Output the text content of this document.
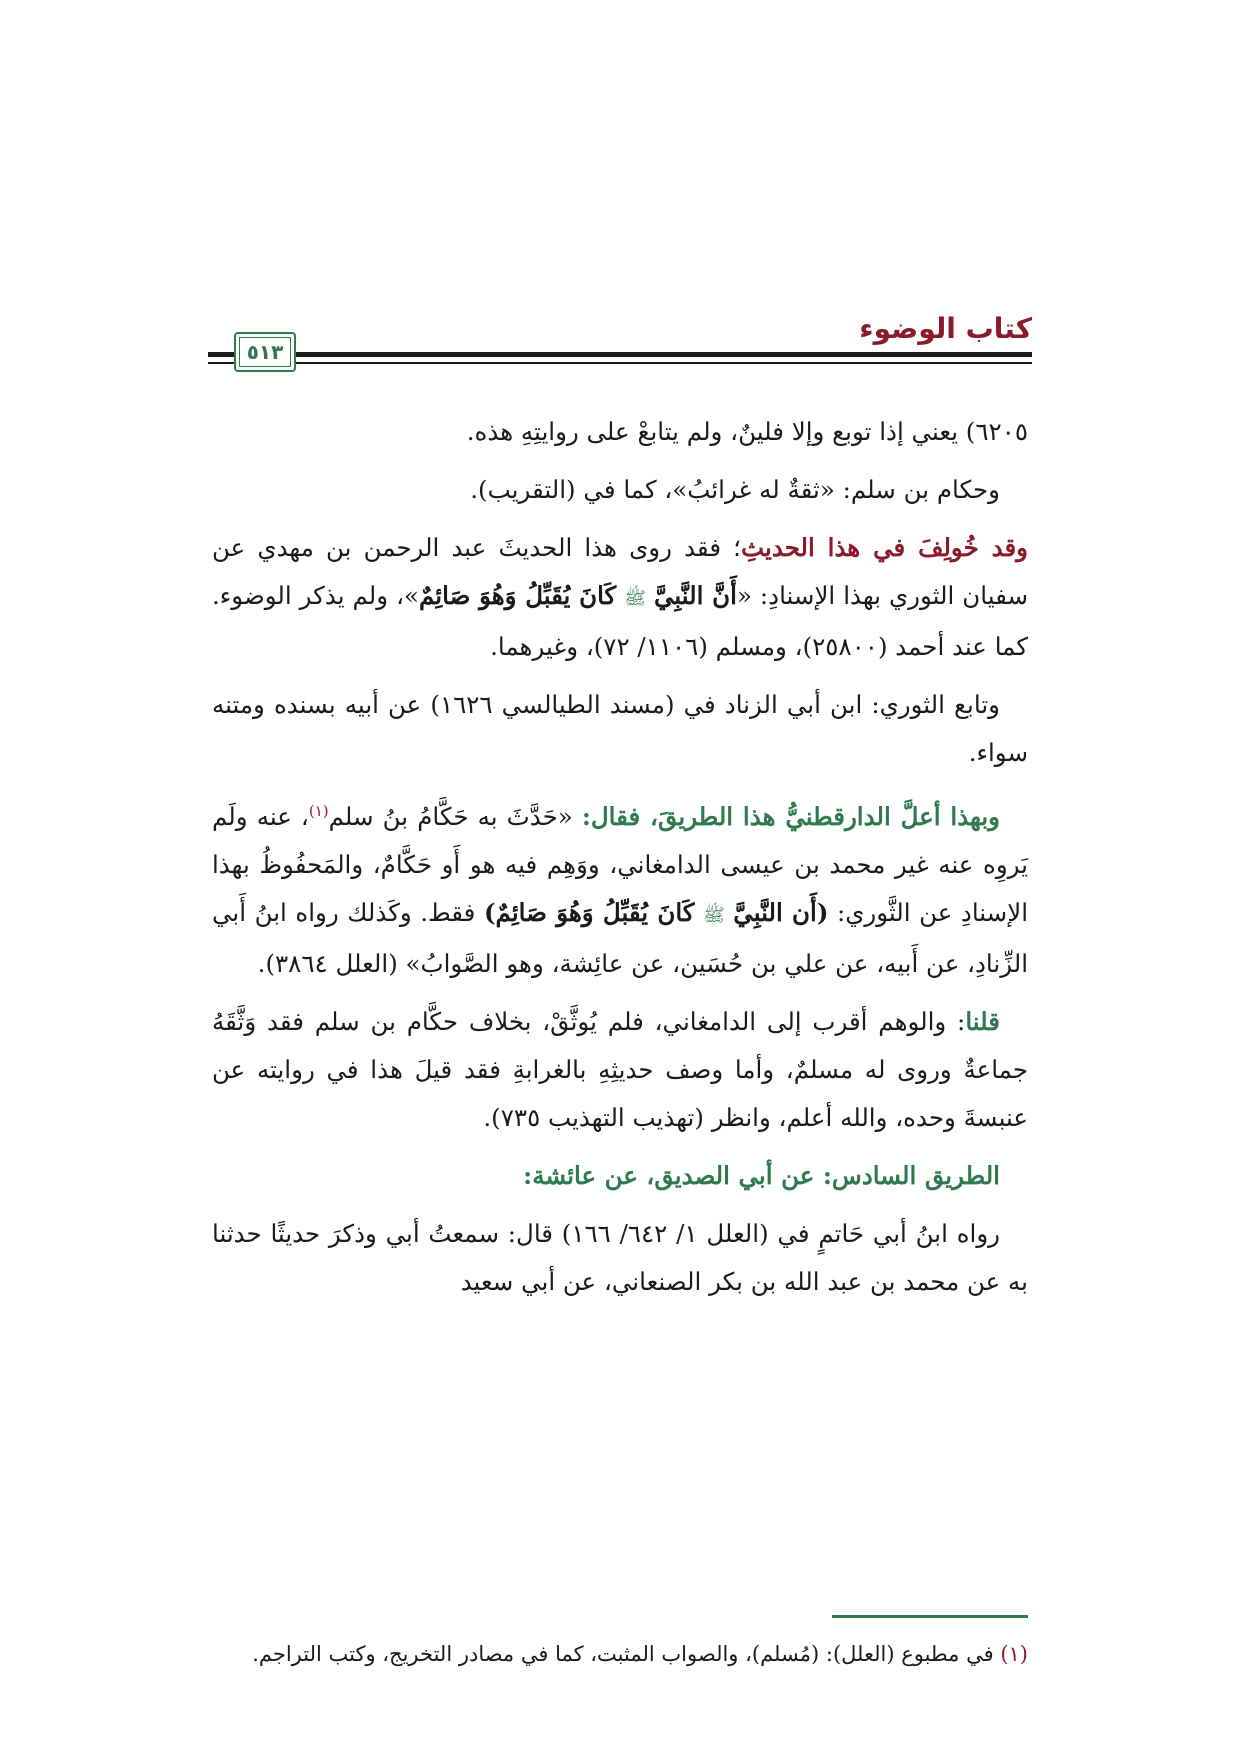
كتاب الوضوء
٥١٣

٦٢٠٥) يعني إذا توبع وإلا فلينٌ، ولم يتابعْ على روايتِهِ هذه.

وحكام بن سلم: «ثقةٌ له غرائبُ»، كما في (التقريب).

وقد خُولِفَ في هذا الحديثِ؛ فقد روى هذا الحديثَ عبد الرحمن بن مهدي عن سفيان الثوري بهذا الإسنادِ: «أَنَّ النَّبِيَّ ﷺ كَانَ يُقَبِّلُ وَهُوَ صَائِمٌ»، ولم يذكر الوضوء. كما عند أحمد (٢٥٨٠٠)، ومسلم (١١٠٦/ ٧٢)، وغيرهما.

وتابع الثوري: ابن أبي الزناد في (مسند الطيالسي ١٦٢٦) عن أبيه بسنده ومتنه سواء.

وبهذا أعلَّ الدارقطنيُّ هذا الطريقَ، فقال: «حَدَّثَ به حَكَّامُ بنُ سلم$^{(١)}$، عنه ولَم يَروِه عنه غير محمد بن عيسى الدامغاني، ووَهِم فيه هو أَو حَكَّامٌ، والمَحفُوظُ بهذا الإسنادِ عن الثَّوري: (أَن النَّبِيَّ ﷺ كَانَ يُقَبِّلُ وَهُوَ صَائِمٌ) فقط. وكَذلك رواه ابنُ أَبي الزِّنادِ، عن أَبيه، عن علي بن حُسَين، عن عائِشة، وهو الصَّوابُ» (العلل ٣٨٦٤).

قلنا: والوهم أقرب إلى الدامغاني، فلم يُوثَّقْ، بخلاف حكَّام بن سلم فقد وَثَّقَهُ جماعةٌ وروى له مسلمٌ، وأما وصف حديثِهِ بالغرابةِ فقد قيلَ هذا في روايته عن عنبسةَ وحده، والله أعلم، وانظر (تهذيب التهذيب ٧٣٥).

الطريق السادس: عن أبي الصديق، عن عائشة:

رواه ابنُ أبي حَاتمٍ في (العلل ١/ ٦٤٢/ ١٦٦) قال: سمعتُ أبي وذكرَ حديثًا حدثنا به عن محمد بن عبد الله بن بكر الصنعاني، عن أبي سعيد

(١) في مطبوع (العلل): (مُسلم)، والصواب المثبت، كما في مصادر التخريج، وكتب التراجم.
